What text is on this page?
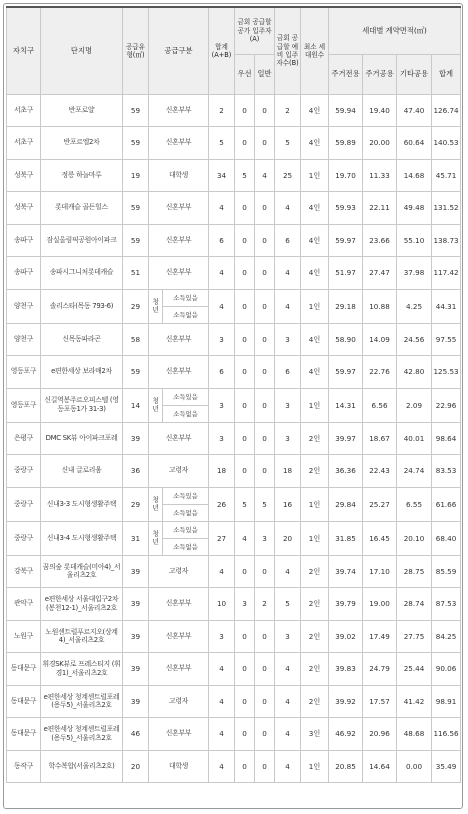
자치구	단지명	공급유형(㎡)	공급구분		합계(A+B)	금회 공급할 공가 입주자(A)		금회 공급할 예비 입주자수(B)	최소 세대원수	세대별 계약면적(㎡)			
						우선	일반			주거전용	주거공용	기타공용	합계
서초구	반포로얄	59	신혼부부		2	0	0	2	4인	59.94	19.40	47.40	126.74
서초구	반포르엘2차	59	신혼부부		5	0	0	5	4인	59.89	20.00	60.64	140.53
성북구	정릉 하늘마루	19	대학생		34	5	4	25	1인	19.70	11.33	14.68	45.71
성북구	롯데캐슬 골든힐스	59	신혼부부		4	0	0	4	4인	59.93	22.11	49.48	131.52
송파구	잠실올림픽공원아이파크	59	신혼부부		6	0	0	6	4인	59.97	23.66	55.10	138.73
송파구	송파시그니처롯데캐슬	51	신혼부부		4	0	0	4	4인	51.97	27.47	37.98	117.42
양천구	솔리스타(목동 793-6)	29	청년	소득있음	4	0	0	4	1인	29.18	10.88	4.25	44.31
				소득없음									
양천구	신목동파라곤	58	신혼부부		3	0	0	3	4인	58.90	14.09	24.56	97.55
영등포구	e편한세상 보라매2차	59	신혼부부		6	0	0	6	4인	59.97	22.76	42.80	125.53
영등포구	신길역봉주르오피스텔 (영등포동1가 31-3)	14	청년	소득있음	3	0	0	3	1인	14.31	6.56	2.09	22.96
				소득없음									
은평구	DMC SK뷰 아이파크포레	39	신혼부부		3	0	0	3	2인	39.97	18.67	40.01	98.64
중랑구	신내 글로리움	36	고령자		18	0	0	18	2인	36.36	22.43	24.74	83.53
중랑구	신내3-3 도시형생활주택	29	청년	소득있음	26	5	5	16	1인	29.84	25.27	6.55	61.66
				소득없음									
중랑구	신내3-4 도시형생활주택	31	청년	소득있음	27	4	3	20	1인	31.85	16.45	20.10	68.40
				소득없음									
강북구	꿈의숲 롯데캐슬(미아4)_서울리츠2호	39	고령자		4	0	0	4	2인	39.74	17.10	28.75	85.59
관악구	e편한세상 서울대입구2차 (봉천12-1)_서울리츠2호	39	신혼부부		10	3	2	5	2인	39.79	19.00	28.74	87.53
노원구	노원센트럴푸르지오(상계4)_서울리츠2호	39	신혼부부		3	0	0	3	2인	39.02	17.49	27.75	84.25
동대문구	휘경SK뷰로 프레스티지 (휘경1)_서울리츠2호	39	신혼부부		4	0	0	4	2인	39.83	24.79	25.44	90.06
동대문구	e편한세상 청계센트럴포레 (용두5)_서울리츠2호	39	고령자		4	0	0	4	2인	39.92	17.57	41.42	98.91
동대문구	e편한세상 청계센트럴포레 (용두5)_서울리츠2호	46	신혼부부		4	0	0	4	3인	46.92	20.96	48.68	116.56
동작구	학수복합(서울리츠2호)	20	대학생		4	0	0	4	1인	20.85	14.64	0.00	35.49
